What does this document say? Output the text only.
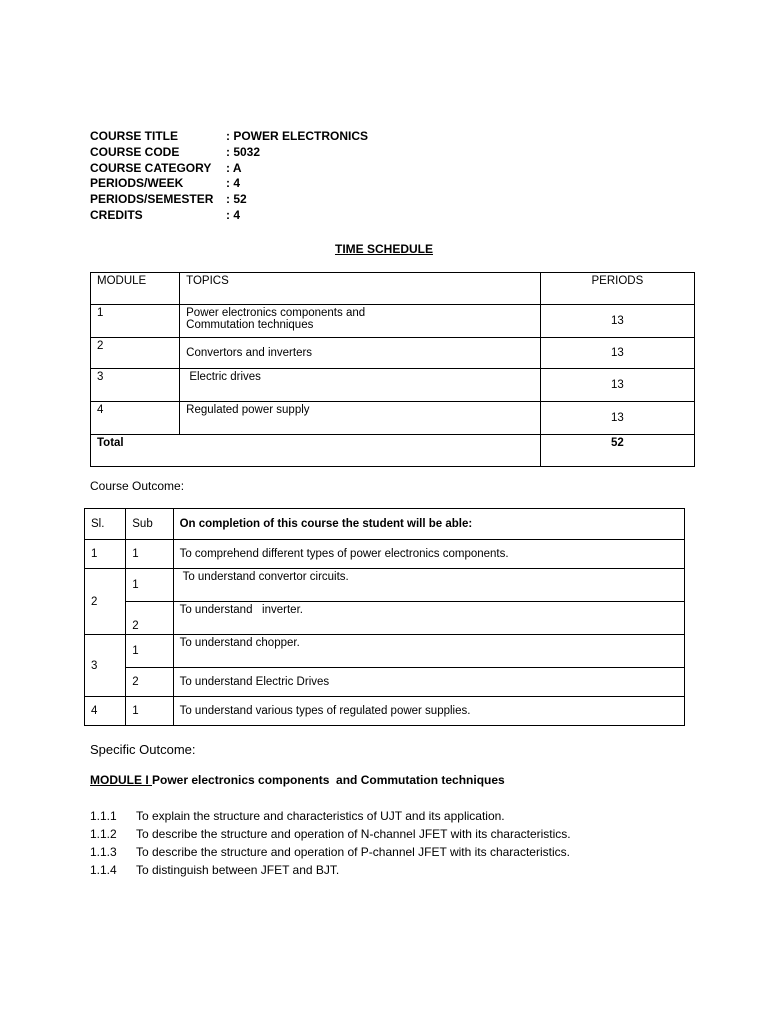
COURSE TITLE	: POWER ELECTRONICS
COURSE CODE	: 5032
COURSE CATEGORY : A
PERIODS/WEEK	: 4
PERIODS/SEMESTER : 52
CREDITS	: 4
TIME SCHEDULE
MODULE	TOPICS	PERIODS
1	Power electronics components and
Commutation techniques	13
2	Convertors and inverters	13
3	Electric drives	13
4	Regulated power supply	13
Total		52
Course Outcome:
Sl.	Sub	On completion of this course the student will be able:
1	1	To comprehend different types of power electronics components.
2	1	To understand convertor circuits.
	2	To understand   inverter.
3	1	To understand chopper.
	2	To understand Electric Drives
4	1	To understand various types of regulated power supplies.
Specific Outcome:
MODULE I Power electronics components  and Commutation techniques
1.1.1 To explain the structure and characteristics of UJT and its application.
1.1.2 To describe the structure and operation of N-channel JFET with its characteristics.
1.1.3 To describe the structure and operation of P-channel JFET with its characteristics.
1.1.4 To distinguish between JFET and BJT.
